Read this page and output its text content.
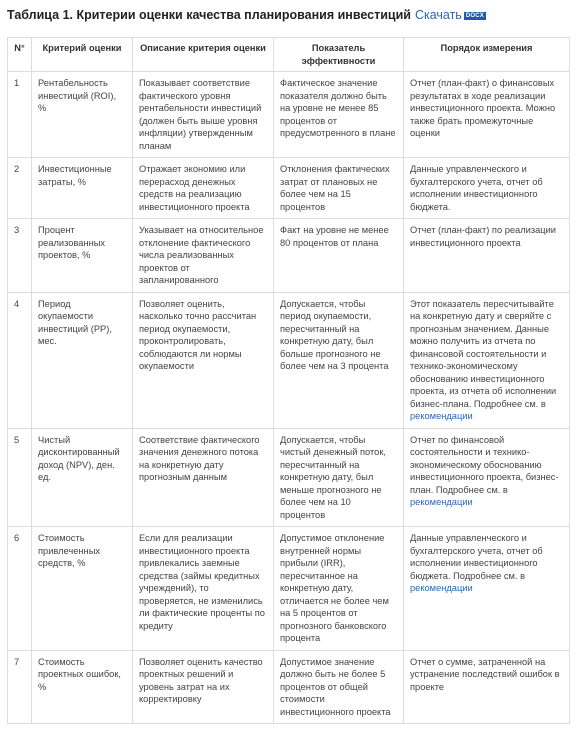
Таблица 1. Критерии оценки качества планирования инвестиций Скачать DOCX
N°	Критерий оценки	Описание критерия оценки	Показатель эффективности	Порядок измерения
1	Рентабельность инвестиций (ROI), %	Показывает соответствие фактического уровня рентабельности инвестиций (должен быть выше уровня инфляции) утвержденным планам	Фактическое значение показателя должно быть на уровне не менее 85 процентов от предусмотренного в плане	Отчет (план-факт) о финансовых результатах в ходе реализации инвестиционного проекта. Можно также брать промежуточные оценки
2	Инвестиционные затраты, %	Отражает экономию или перерасход денежных средств на реализацию инвестиционного проекта	Отклонения фактических затрат от плановых не более чем на 15 процентов	Данные управленческого и бухгалтерского учета, отчет об исполнении инвестиционного бюджета.
3	Процент реализованных проектов, %	Указывает на относительное отклонение фактического числа реализованных проектов от запланированного	Факт на уровне не менее 80 процентов от плана	Отчет (план-факт) по реализации инвестиционного проекта
4	Период окупаемости инвестиций (PP), мес.	Позволяет оценить, насколько точно рассчитан период окупаемости, проконтролировать, соблюдаются ли нормы окупаемости	Допускается, чтобы период окупаемости, пересчитанный на конкретную дату, был больше прогнозного не более чем на 3 процента	Этот показатель пересчитывайте на конкретную дату и сверяйте с прогнозным значением. Данные можно получить из отчета по финансовой состоятельности и технико-экономическому обоснованию инвестиционного проекта, из отчета об исполнении бизнес-плана. Подробнее см. в рекомендации
5	Чистый дисконтированный доход (NPV), ден. ед.	Соответствие фактического значения денежного потока на конкретную дату прогнозным данным	Допускается, чтобы чистый денежный поток, пересчитанный на конкретную дату, был меньше прогнозного не более чем на 10 процентов	Отчет по финансовой состоятельности и технико-экономическому обоснованию инвестиционного проекта, бизнес-план. Подробнее см. в рекомендации
6	Стоимость привлеченных средств, %	Если для реализации инвестиционного проекта привлекались заемные средства (займы кредитных учреждений), то проверяется, не изменились ли фактические проценты по кредиту	Допустимое отклонение внутренней нормы прибыли (IRR), пересчитанное на конкретную дату, отличается не более чем на 5 процентов от прогнозного банковского процента	Данные управленческого и бухгалтерского учета, отчет об исполнении инвестиционного бюджета. Подробнее см. в рекомендации
7	Стоимость проектных ошибок, %	Позволяет оценить качество проектных решений и уровень затрат на их корректировку	Допустимое значение должно быть не более 5 процентов от общей стоимости инвестиционного проекта	Отчет о сумме, затраченной на устранение последствий ошибок в проекте
